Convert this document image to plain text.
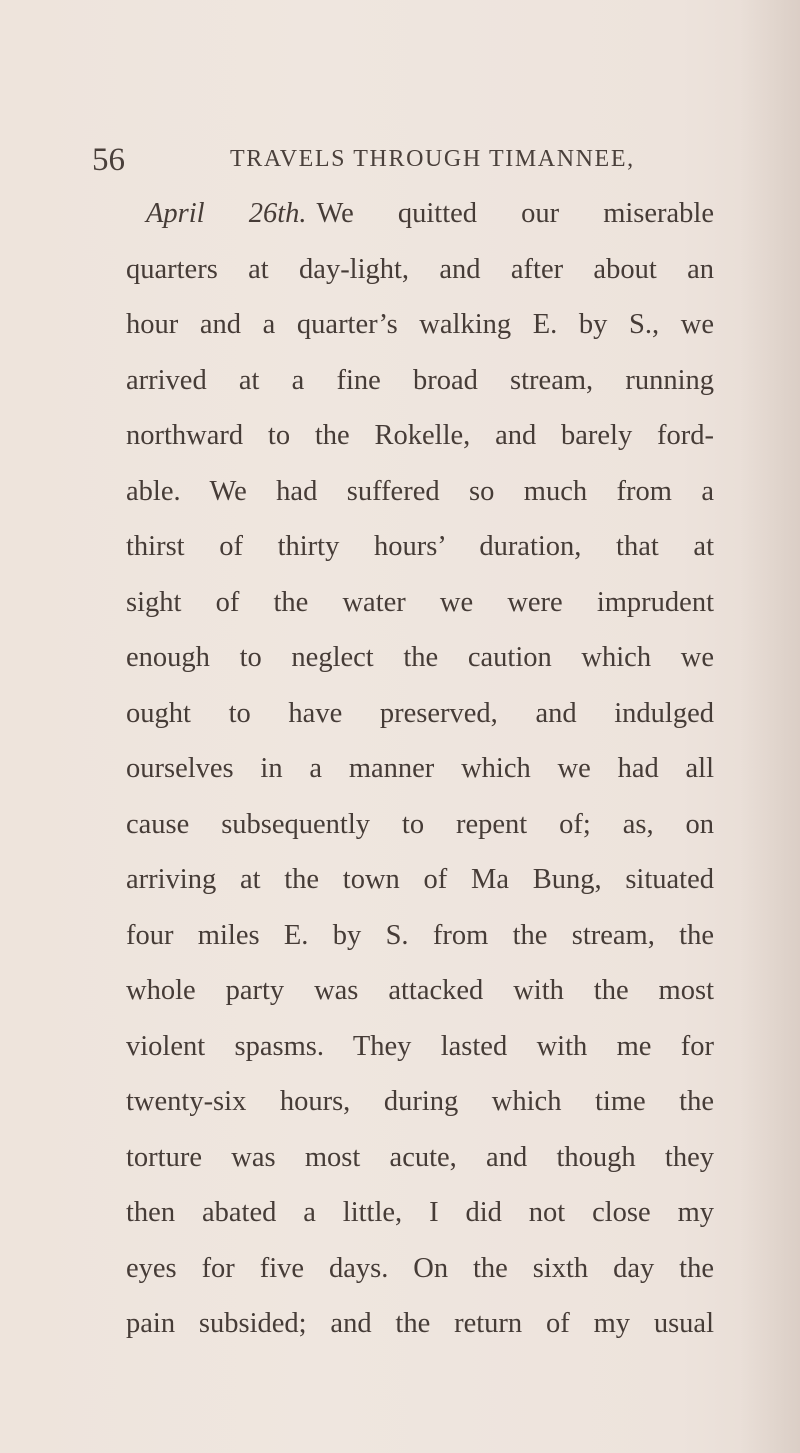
56	TRAVELS THROUGH TIMANNEE,
April 26th. We quitted our miserable
quarters at day-light, and after about an
hour and a quarter’s walking E. by S., we
arrived at a fine broad stream, running
northward to the Rokelle, and barely ford-
able. We had suffered so much from a
thirst of thirty hours’ duration, that at
sight of the water we were imprudent
enough to neglect the caution which we
ought to have preserved, and indulged
ourselves in a manner which we had all
cause subsequently to repent of; as, on
arriving at the town of Ma Bung, situated
four miles E. by S. from the stream, the
whole party was attacked with the most
violent spasms. They lasted with me for
twenty-six hours, during which time the
torture was most acute, and though they
then abated a little, I did not close my
eyes for five days. On the sixth day the
pain subsided; and the return of my usual
